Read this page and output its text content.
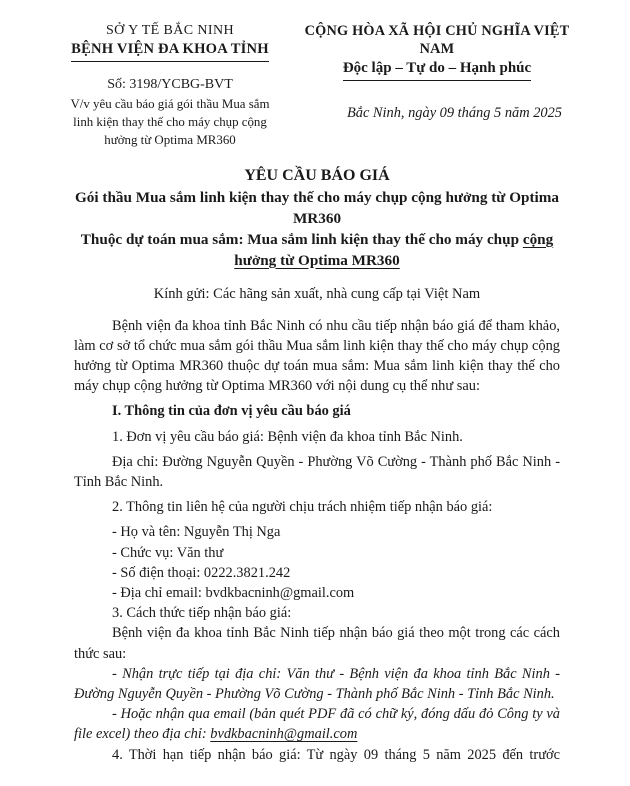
SỞ Y TẾ BẮC NINH
BỆNH VIỆN ĐA KHOA TỈNH
Số: 3198/YCBG-BVT
V/v yêu cầu báo giá gói thầu Mua sắm linh kiện thay thế cho máy chụp cộng hưởng từ Optima MR360
CỘNG HÒA XÃ HỘI CHỦ NGHĨA VIỆT NAM
Độc lập – Tự do – Hạnh phúc
Bắc Ninh, ngày 09 tháng 5 năm 2025
YÊU CẦU BÁO GIÁ
Gói thầu Mua sắm linh kiện thay thế cho máy chụp cộng hưởng từ Optima MR360
Thuộc dự toán mua sắm: Mua sắm linh kiện thay thế cho máy chụp cộng hưởng từ Optima MR360
Kính gửi: Các hãng sản xuất, nhà cung cấp tại Việt Nam

Bệnh viện đa khoa tỉnh Bắc Ninh có nhu cầu tiếp nhận báo giá để tham khảo, làm cơ sở tổ chức mua sắm gói thầu Mua sắm linh kiện thay thế cho máy chụp cộng hưởng từ Optima MR360 thuộc dự toán mua sắm: Mua sắm linh kiện thay thế cho máy chụp cộng hưởng từ Optima MR360 với nội dung cụ thể như sau:

I. Thông tin của đơn vị yêu cầu báo giá

1. Đơn vị yêu cầu báo giá: Bệnh viện đa khoa tỉnh Bắc Ninh.

Địa chỉ: Đường Nguyễn Quyền - Phường Võ Cường - Thành phố Bắc Ninh - Tỉnh Bắc Ninh.

2. Thông tin liên hệ của người chịu trách nhiệm tiếp nhận báo giá:

- Họ và tên: Nguyễn Thị Nga

- Chức vụ: Văn thư

- Số điện thoại: 0222.3821.242

- Địa chỉ email: bvdkbacninh@gmail.com

3. Cách thức tiếp nhận báo giá:

Bệnh viện đa khoa tỉnh Bắc Ninh tiếp nhận báo giá theo một trong các cách thức sau:

- Nhận trực tiếp tại địa chỉ: Văn thư - Bệnh viện đa khoa tỉnh Bắc Ninh - Đường Nguyễn Quyền - Phường Võ Cường - Thành phố Bắc Ninh - Tỉnh Bắc Ninh.

- Hoặc nhận qua email (bản quét PDF đã có chữ ký, đóng dấu đỏ Công ty và file excel) theo địa chỉ: bvdkbacninh@gmail.com

4. Thời hạn tiếp nhận báo giá: Từ ngày 09 tháng 5 năm 2025 đến trước
